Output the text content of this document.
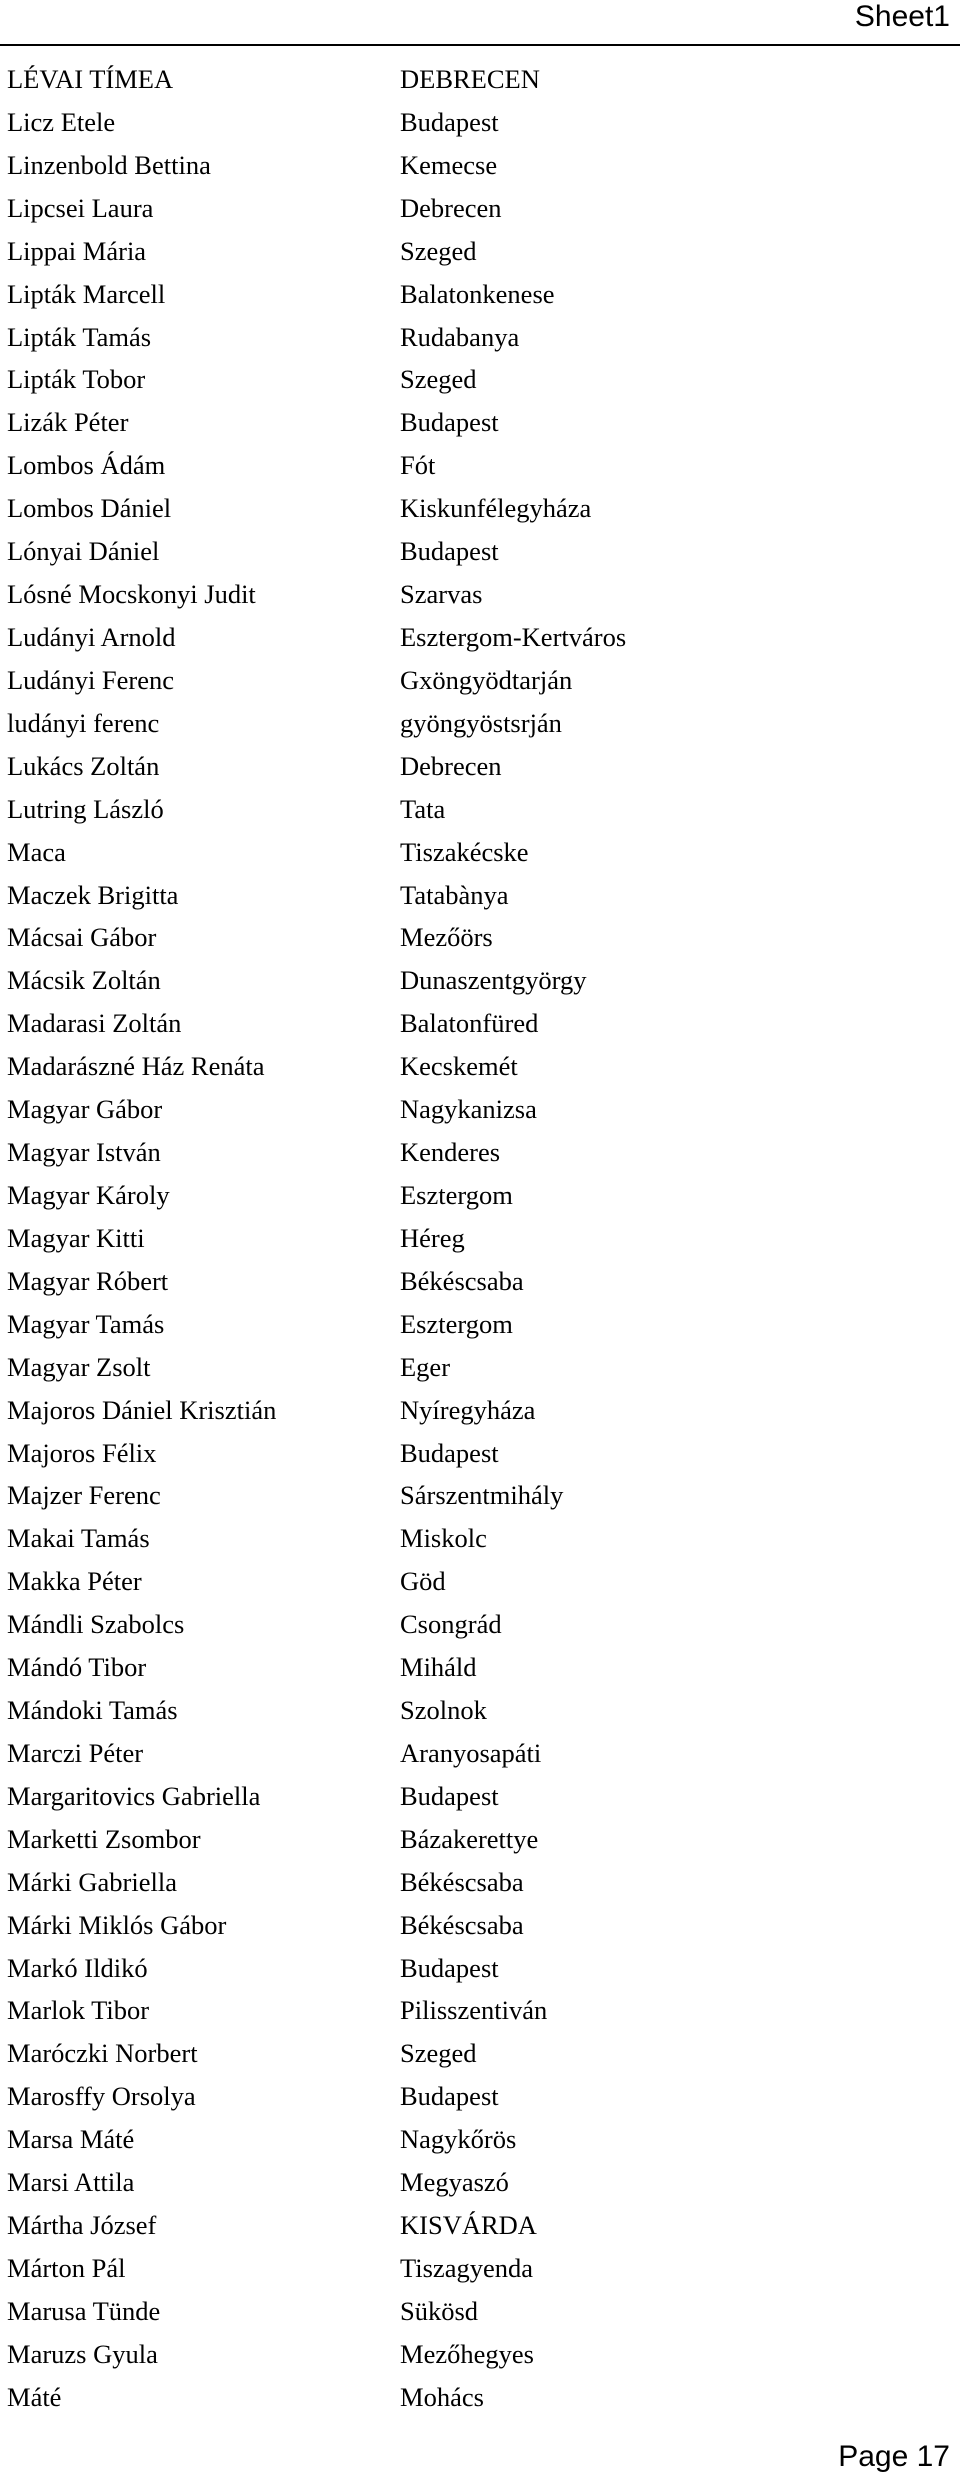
Sheet1
LÉVAI TÍMEA	DEBRECEN
Licz Etele	Budapest
Linzenbold Bettina	Kemecse
Lipcsei Laura	Debrecen
Lippai Mária	Szeged
Lipták Marcell	Balatonkenese
Lipták Tamás	Rudabanya
Lipták Tobor	Szeged
Lizák Péter	Budapest
Lombos Ádám	Fót
Lombos Dániel	Kiskunfélegyháza
Lónyai Dániel	Budapest
Lósné Mocskonyi Judit	Szarvas
Ludányi Arnold	Esztergom-Kertváros
Ludányi Ferenc	Gxöngyödtarján
ludányi ferenc	gyöngyöstsrján
Lukács Zoltán	Debrecen
Lutring László	Tata
Maca	Tiszakécske
Maczek Brigitta	Tatabànya
Mácsai Gábor	Mezőörs
Mácsik Zoltán	Dunaszentgyörgy
Madarasi Zoltán	Balatonfüred
Madarászné Ház Renáta	Kecskemét
Magyar Gábor	Nagykanizsa
Magyar István	Kenderes
Magyar Károly	Esztergom
Magyar Kitti	Héreg
Magyar Róbert	Békéscsaba
Magyar Tamás	Esztergom
Magyar Zsolt	Eger
Majoros Dániel Krisztián	Nyíregyháza
Majoros Félix	Budapest
Majzer Ferenc	Sárszentmihály
Makai Tamás	Miskolc
Makka Péter	Göd
Mándli Szabolcs	Csongrád
Mándó Tibor	Miháld
Mándoki Tamás	Szolnok
Marczi Péter	Aranyosapáti
Margaritovics Gabriella	Budapest
Marketti Zsombor	Bázakerettye
Márki Gabriella	Békéscsaba
Márki Miklós Gábor	Békéscsaba
Markó Ildikó	Budapest
Marlok Tibor	Pilisszentiván
Maróczki Norbert	Szeged
Marosffy Orsolya	Budapest
Marsa Máté	Nagykőrös
Marsi Attila	Megyaszó
Mártha József	KISVÁRDA
Márton Pál	Tiszagyenda
Marusa Tünde	Sükösd
Maruzs Gyula	Mezőhegyes
Máté	Mohács
Page 17
